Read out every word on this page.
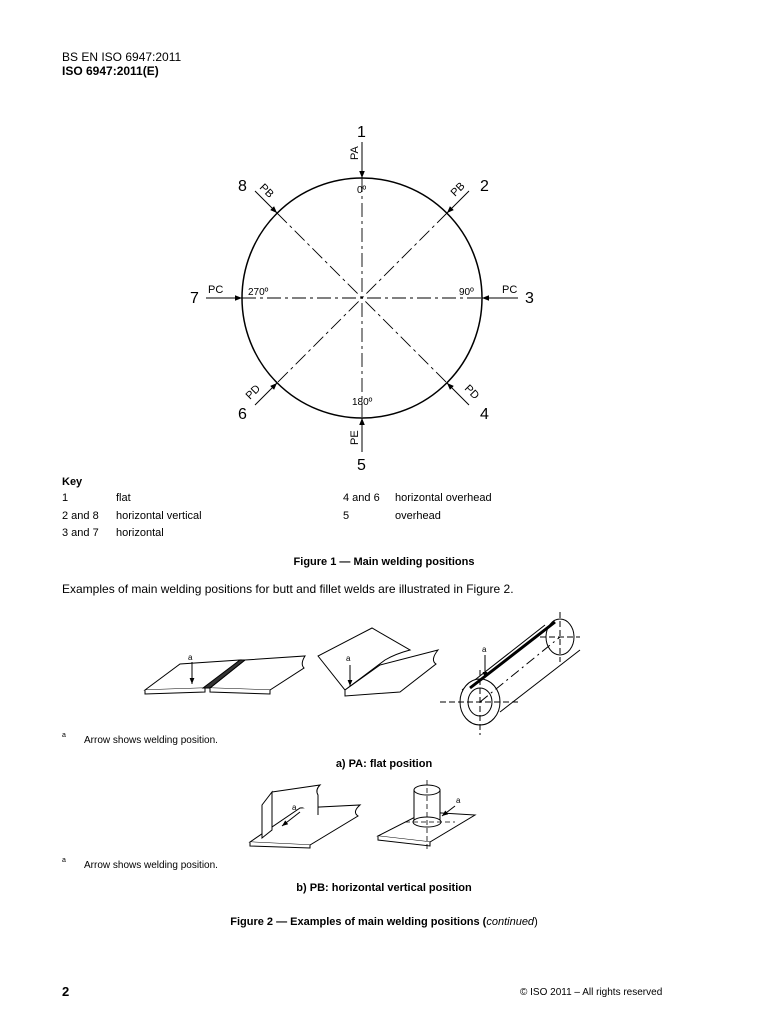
BS EN ISO 6947:2011
ISO 6947:2011(E)
1
2
3
4
5
6
7
8
PA
PE
PC	PC
PB	PB
PD	PD
0º
90º
180º
270º
Key
1	flat
2 and 8 horizontal vertical
3 and 7 horizontal
4 and 6 horizontal overhead
5	overhead
Figure 1 — Main welding positions
Examples of main welding positions for butt and fillet welds are illustrated in Figure 2.
a	a
a
$^a$ Arrow shows welding position.
a) PA: flat position
a
a
$^a$ Arrow shows welding position.
b) PB: horizontal vertical position
Figure 2 — Examples of main welding positions (continued)
2	© ISO 2011 – All rights reserved
